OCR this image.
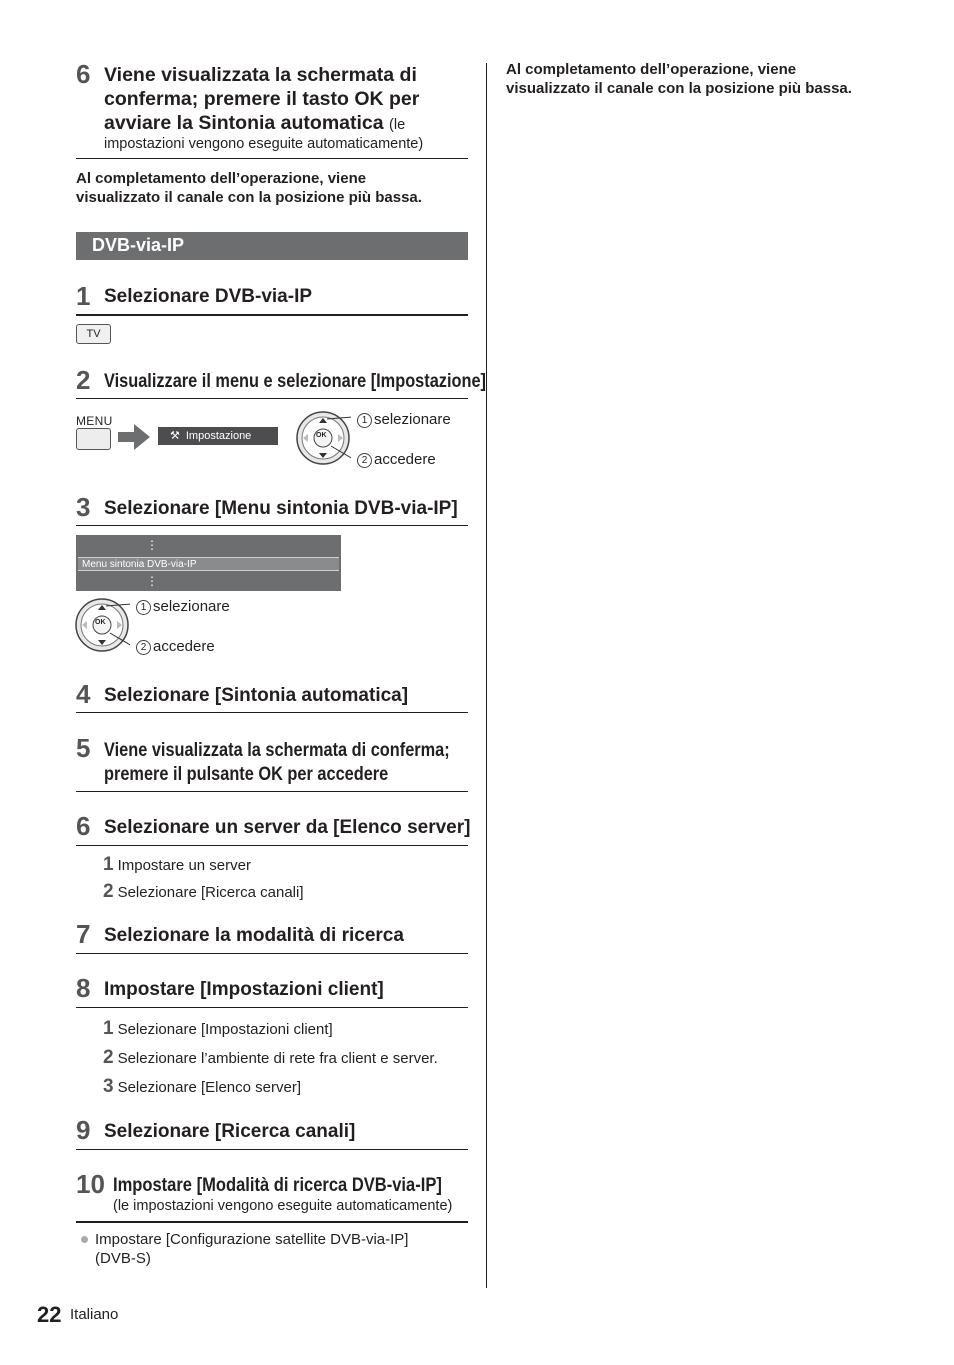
6 Viene visualizzata la schermata di
conferma; premere il tasto OK per
avviare la Sintonia automatica (le
impostazioni vengono eseguite automaticamente)
Al completamento dell’operazione, viene
visualizzato il canale con la posizione più bassa.
DVB-via-IP
1 Selezionare DVB-via-IP
TV
2 Visualizzare il menu e selezionare [Impostazione]
MENU
⚒ Impostazione	OK
1 selezionare
2 accedere
3 Selezionare [Menu sintonia DVB-via-IP]
⋮
Menu sintonia DVB-via-IP
⋮
OK
1 selezionare
2 accedere
4 Selezionare [Sintonia automatica]
5 Viene visualizzata la schermata di conferma;
premere il pulsante OK per accedere
6 Selezionare un server da [Elenco server]
1 Impostare un server
2 Selezionare [Ricerca canali]
7 Selezionare la modalità di ricerca
8 Impostare [Impostazioni client]
1 Selezionare [Impostazioni client]
2 Selezionare l’ambiente di rete fra client e server.
3 Selezionare [Elenco server]
9 Selezionare [Ricerca canali]
10 Impostare [Modalità di ricerca DVB-via-IP]
(le impostazioni vengono eseguite automaticamente)
Impostare [Configurazione satellite DVB-via-IP]
(DVB-S)
Al completamento dell’operazione, viene
visualizzato il canale con la posizione più bassa.
22 Italiano
